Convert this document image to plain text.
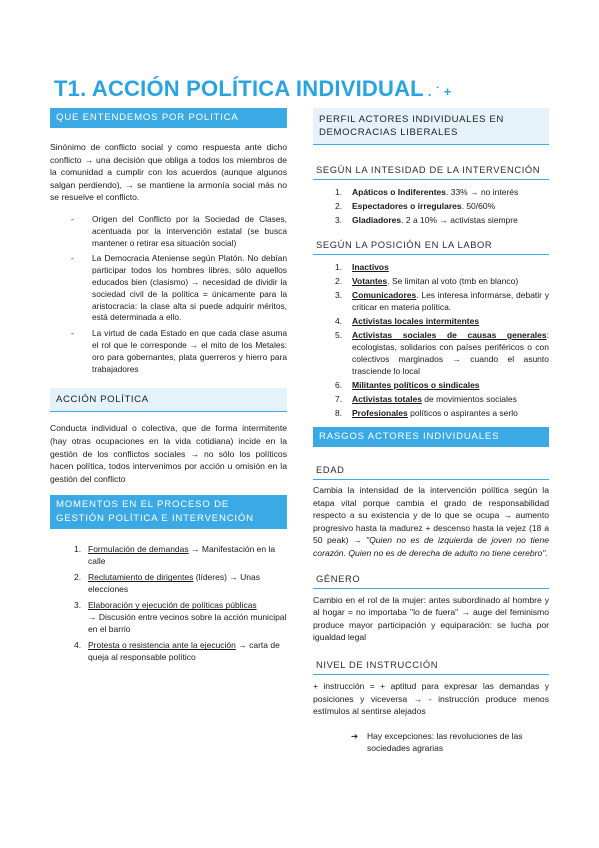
T1. ACCIÓN POLÍTICA INDIVIDUAL . ˙ +
QUE ENTENDEMOS POR POLITICA
Sinónimo de conflicto social y como respuesta ante dicho conflicto → una decisión que obliga a todos los miembros de la comunidad a cumplir con los acuerdos (aunque algunos salgan perdiendo), → se mantiene la armonía social más no se resuelve el conflicto.
- Origen del Conflicto por la Sociedad de Clases, acentuada por la intervención estatal (se busca mantener o retirar esa situación social)
- La Democracia Ateniense según Platón. No debían participar todos los hombres libres, sólo aquellos educados bien (clasismo) → necesidad de dividir la sociedad civil de la política = únicamente para la aristocracia: la clase alta si puede adquirir méritos, está determinada a ello.
- La virtud de cada Estado en que cada clase asuma el rol que le corresponde → el mito de los Metales: oro para gobernantes, plata guerreros y hierro para trabajadores
ACCIÓN POLÍTICA
Conducta individual o colectiva, que de forma intermitente (hay otras ocupaciones en la vida cotidiana) incide en la gestión de los conflictos sociales → no sólo los políticos hacen política, todos intervenimos por acción u omisión en la gestión del conflicto
MOMENTOS EN EL PROCESO DE GESTIÓN POLÍTICA E INTERVENCIÓN
1. Formulación de demandas → Manifestación en la calle
2. Reclutamiento de dirigentes (líderes) → Unas elecciones
3. Elaboración y ejecución de políticas públicas
→ Discusión entre vecinos sobre la acción municipal en el barrio
4. Protesta o resistencia ante la ejecución → carta de queja al responsable político
PERFIL ACTORES INDIVIDUALES EN DEMOCRACIAS LIBERALES
SEGÚN LA INTESIDAD DE LA INTERVENCIÓN
1. Apáticos o Indiferentes. 33% → no interés
2. Espectadores o irregulares. 50/60%
3. Gladiadores. 2 a 10% → activistas siempre
SEGÚN LA POSICIÓN EN LA LABOR
1. Inactivos
2. Votantes. Se limitan al voto (tmb en blanco)
3. Comunicadores. Les interesa informarse, debatir y criticar en materia política.
4. Activistas locales intermitentes
5. Activistas sociales de causas generales: ecologistas, solidarios con países periféricos o con colectivos marginados → cuando el asunto trasciende lo local
6. Militantes políticos o sindicales
7. Activistas totales de movimientos sociales
8. Profesionales políticos o aspirantes a serlo
RASGOS ACTORES INDIVIDUALES
EDAD
Cambia la intensidad de la intervención política según la etapa vital porque cambia el grado de responsabilidad respecto a su existencia y de lo que se ocupa → aumento progresivo hasta la madurez + descenso hasta la vejez (18 a 50 peak) → "Quien no es de izquierda de joven no tiene corazón. Quien no es de derecha de adulto no tiene cerebro".
GÉNERO
Cambio en el rol de la mujer: antes subordinado al hombre y al hogar = no importaba "lo de fuera" → auge del feminismo produce mayor participación y equiparación: se lucha por igualdad legal
NIVEL DE INSTRUCCIÓN
+ instrucción = + aptitud para expresar las demandas y posiciones y viceversa → - instrucción produce menos estímulos al sentirse alejados
➔ Hay excepciones: las revoluciones de las sociedades agrarias
